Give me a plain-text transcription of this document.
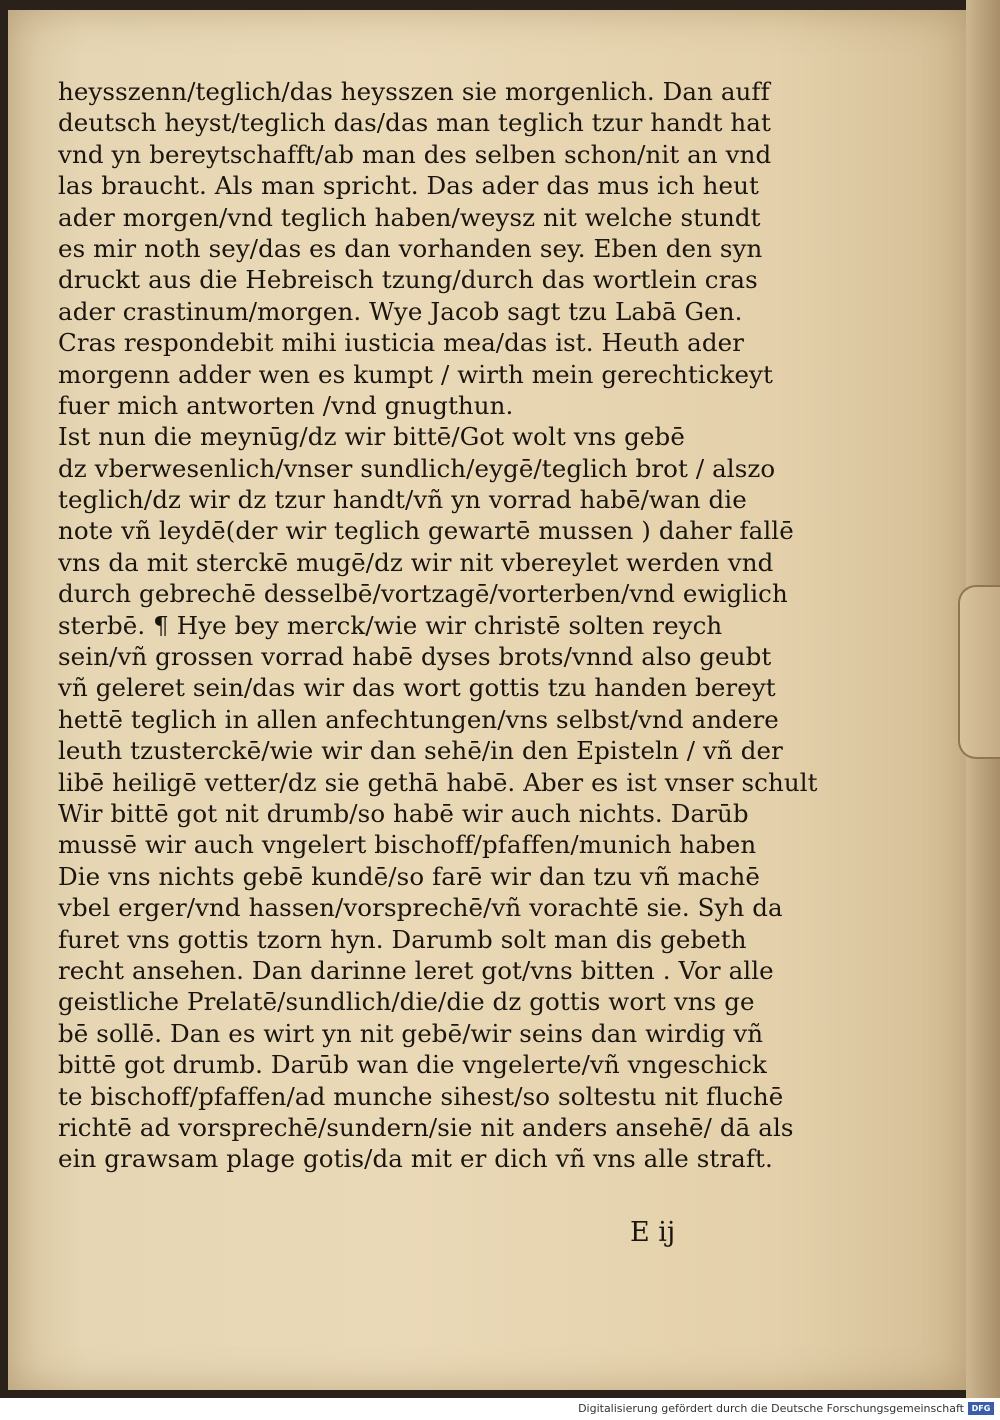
heysszenn/teglich/das heysszen sie morgenlich. Dan auff
deutsch heyst/teglich das/das man teglich tzur handt hat
vnd yn bereytschafft/ab man des selben schon/nit an vnd
las braucht. Als man spricht. Das ader das mus ich heut
ader morgen/vnd teglich haben/weysz nit welche stundt
es mir noth sey/das es dan vorhanden sey. Eben den syn
druckt aus die Hebreisch tzung/durch das wortlein cras
ader crastinum/morgen. Wye Jacob sagt tzu Labā Gen.
Cras respondebit mihi iusticia mea/das ist. Heuth ader
morgenn adder wen es kumpt / wirth mein gerechtickeyt
fuer mich antworten /vnd gnugthun.
Ist nun die meynūg/dz wir bittē/Got wolt vns gebē
dz vberwesenlich/vnser sundlich/eygē/teglich brot / alszo
teglich/dz wir dz tzur handt/vñ yn vorrad habē/wan die
note vñ leydē(der wir teglich gewartē mussen ) daher fallē
vns da mit sterckē mugē/dz wir nit vbereylet werden vnd
durch gebrechē desselbē/vortzagē/vorterben/vnd ewiglich
sterbē. ¶ Hye bey merck/wie wir christē solten reych
sein/vñ grossen vorrad habē dyses brots/vnnd also geubt
vñ geleret sein/das wir das wort gottis tzu handen bereyt
hettē teglich in allen anfechtungen/vns selbst/vnd andere
leuth tzusterckē/wie wir dan sehē/in den Episteln / vñ der
libē heiligē vetter/dz sie gethā habē. Aber es ist vnser schult
Wir bittē got nit drumb/so habē wir auch nichts. Darūb
mussē wir auch vngelert bischoff/pfaffen/munich haben
Die vns nichts gebē kundē/so farē wir dan tzu vñ machē
vbel erger/vnd hassen/vorsprechē/vñ vorachtē sie. Syh da
furet vns gottis tzorn hyn. Darumb solt man dis gebeth
recht ansehen. Dan darinne leret got/vns bitten . Vor alle
geistliche Prelatē/sundlich/die/die dz gottis wort vns ge
bē sollē. Dan es wirt yn nit gebē/wir seins dan wirdig vñ
bittē got drumb. Darūb wan die vngelerte/vñ vngeschick
te bischoff/pfaffen/ad munche sihest/so soltestu nit fluchē
richtē ad vorsprechē/sundern/sie nit anders ansehē/ dā als
ein grawsam plage gotis/da mit er dich vñ vns alle straft.
E ij
Digitalisierung gefördert durch die Deutsche Forschungsgemeinschaft DFG
